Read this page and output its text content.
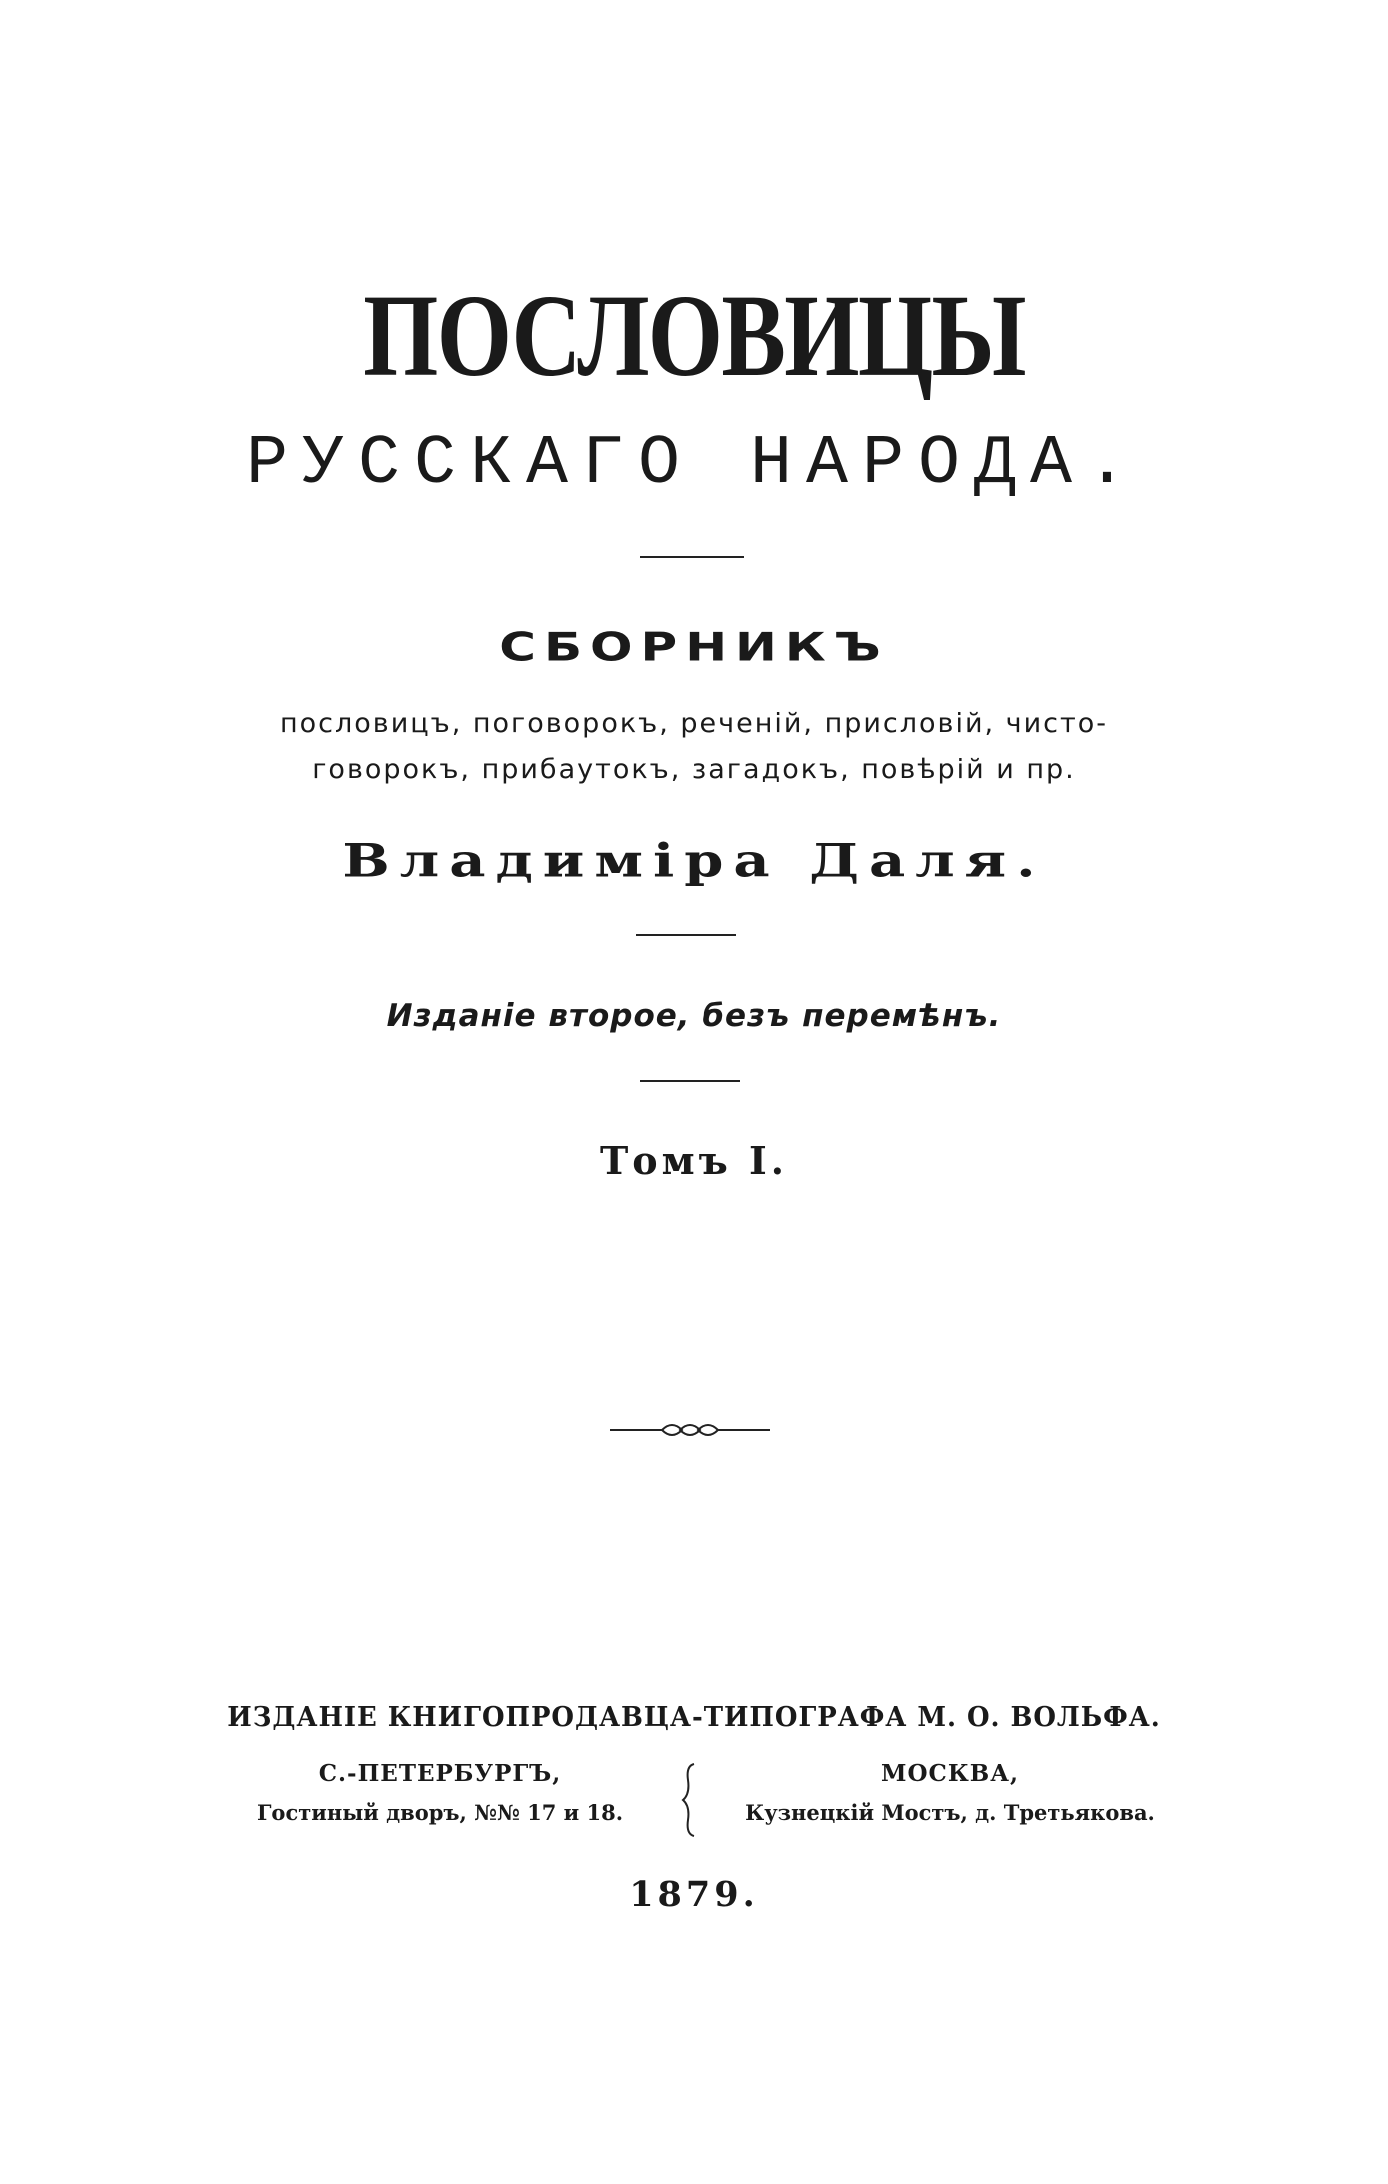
ПОСЛОВИЦЫ
РУССКАГО НАРОДА.
СБОРНИКЪ
пословицъ, поговорокъ, реченій, присловій, чисто-
говорокъ, прибаутокъ, загадокъ, повѣрій и пр.
Владиміра Даля.
Изданіе второе, безъ перемѣнъ.
Томъ I.
ИЗДАНІЕ КНИГОПРОДАВЦА-ТИПОГРАФА М. О. ВОЛЬФА.
С.-ПЕТЕРБУРГЪ,
Гостиный дворъ, №№ 17 и 18.
МОСКВА,
Кузнецкій Мостъ, д. Третьякова.
1879.
